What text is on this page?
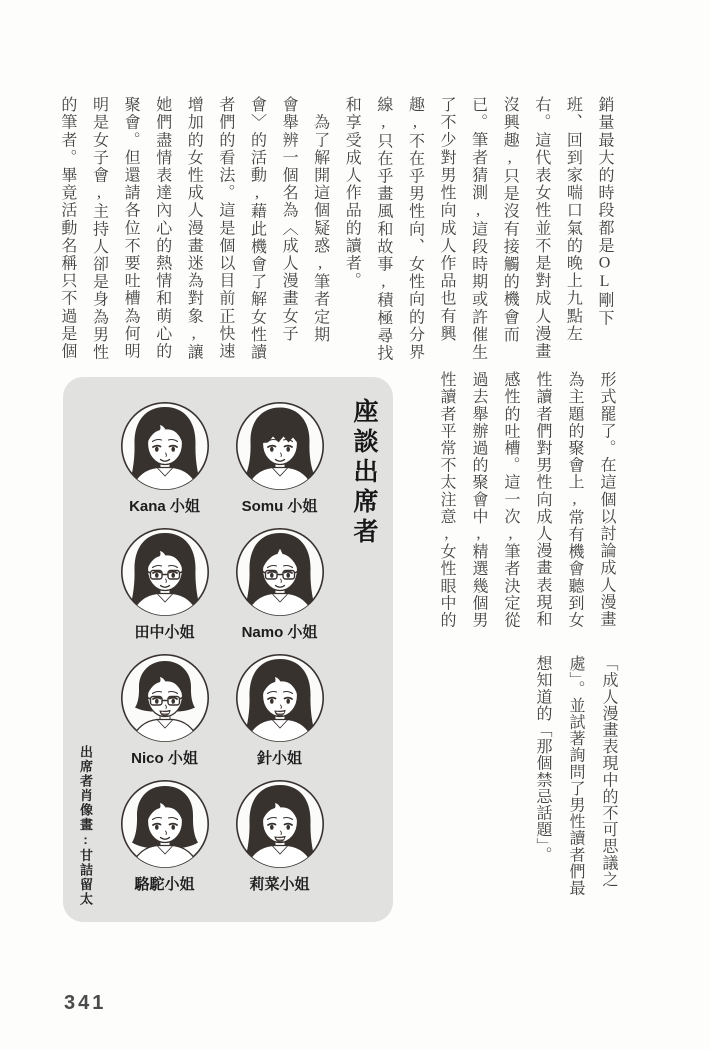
銷量最大的時段都是OL剛下
班、回到家喘口氣的晚上九點左
右。這代表女性並不是對成人漫畫
沒興趣,只是沒有接觸的機會而
已。筆者猜測,這段時期或許催生
了不少對男性向成人作品也有興
趣,不在乎男性向、女性向的分界
線,只在乎畫風和故事,積極尋找
和享受成人作品的讀者。
　為了解開這個疑惑,筆者定期
會舉辨一個名為〈成人漫畫女子
會〉的活動,藉此機會了解女性讀
者們的看法。這是個以目前正快速
增加的女性成人漫畫迷為對象,讓
她們盡情表達內心的熱情和萌心的
聚會。但還請各位不要吐槽為何明
明是女子會,主持人卻是身為男性
的筆者。畢竟活動名稱只不過是個
形式罷了。在這個以討論成人漫畫
為主題的聚會上,常有機會聽到女
性讀者們對男性向成人漫畫表現和
感性的吐槽。這一次,筆者決定從
過去舉辦過的聚會中,精選幾個男
性讀者平常不太注意,女性眼中的
「成人漫畫表現中的不可思議之
處」。並試著詢問了男性讀者們最
想知道的「那個禁忌話題」。
座談出席者
Kana 小姐	Somu 小姐
田中小姐	Namo 小姐
Nico 小姐	針小姐
駱駝小姐	莉菜小姐
出席者肖像畫:甘詰留太
341
